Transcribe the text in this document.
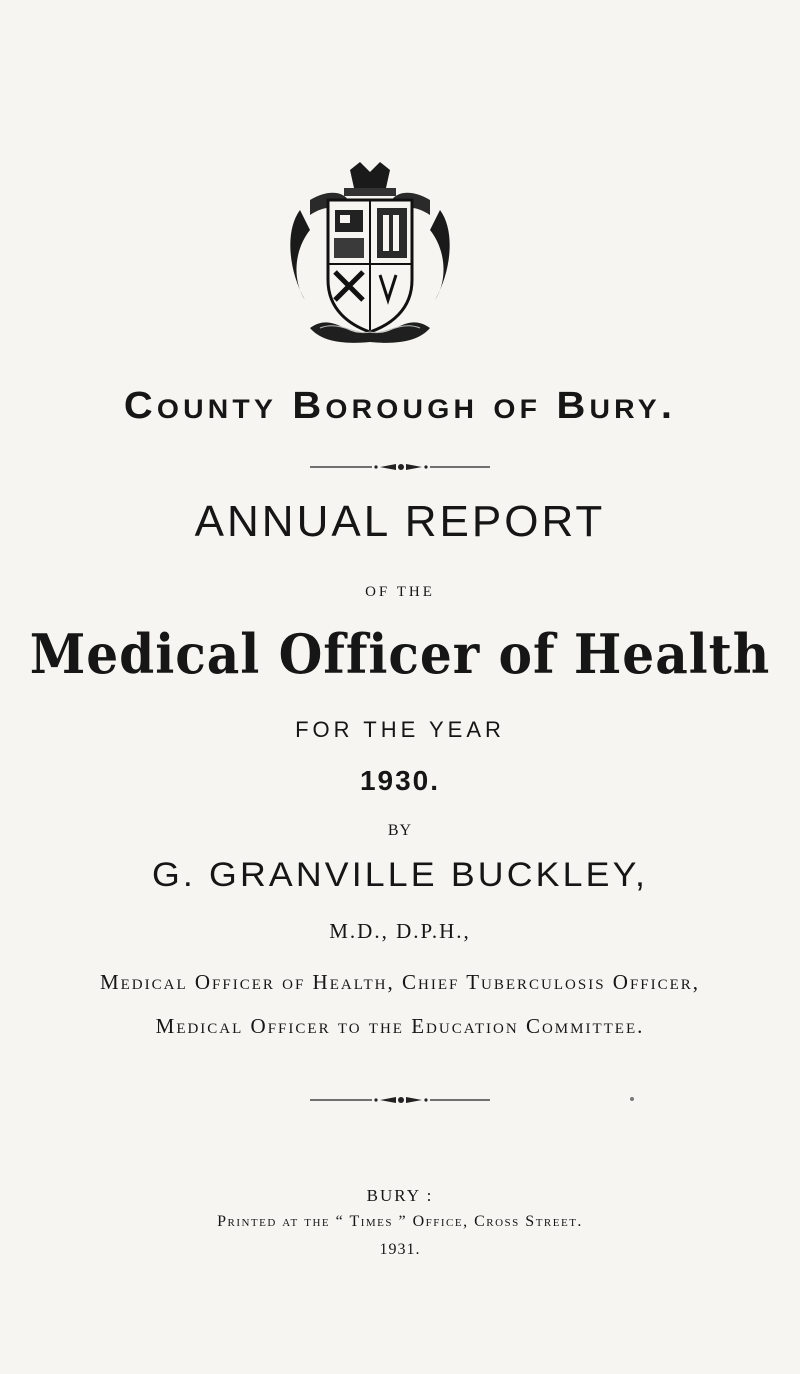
County Borough of Bury.
ANNUAL REPORT
OF THE
Medical Officer of Health
FOR THE YEAR
1930.
BY
G. GRANVILLE BUCKLEY,
M.D., D.P.H.,
Medical Officer of Health, Chief Tuberculosis Officer,
Medical Officer to the Education Committee.
BURY :
Printed at the “ Times ” Office, Cross Street.
1931.
